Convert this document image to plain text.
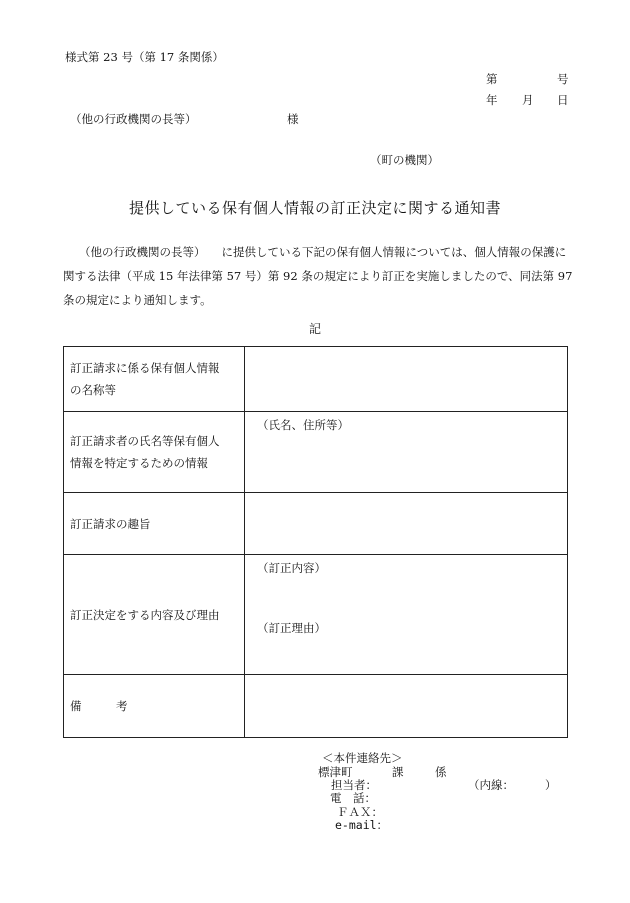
様式第 23 号（第 17 条関係）
第	号
年 月 日
（他の行政機関の長等）	様
（町の機関）
提供している保有個人情報の訂正決定に関する通知書
（他の行政機関の長等） に提供している下記の保有個人情報については、個人情報の保護に
関する法律（平成 15 年法律第 57 号）第 92 条の規定により訂正を実施しましたので、同法第 97
条の規定により通知します。
記
訂正請求に係る保有個人情報
の名称等	

訂正請求者の氏名等保有個人
情報を特定するための情報	（氏名、住所等）

訂正請求の趣旨	

訂正決定をする内容及び理由	（訂正内容）
（訂正理由）

備　　　考	

＜本件連絡先＞
標津町	課	係
担当者：	（内線：	）
電　話：
ＦＡＸ：
e-mail：
